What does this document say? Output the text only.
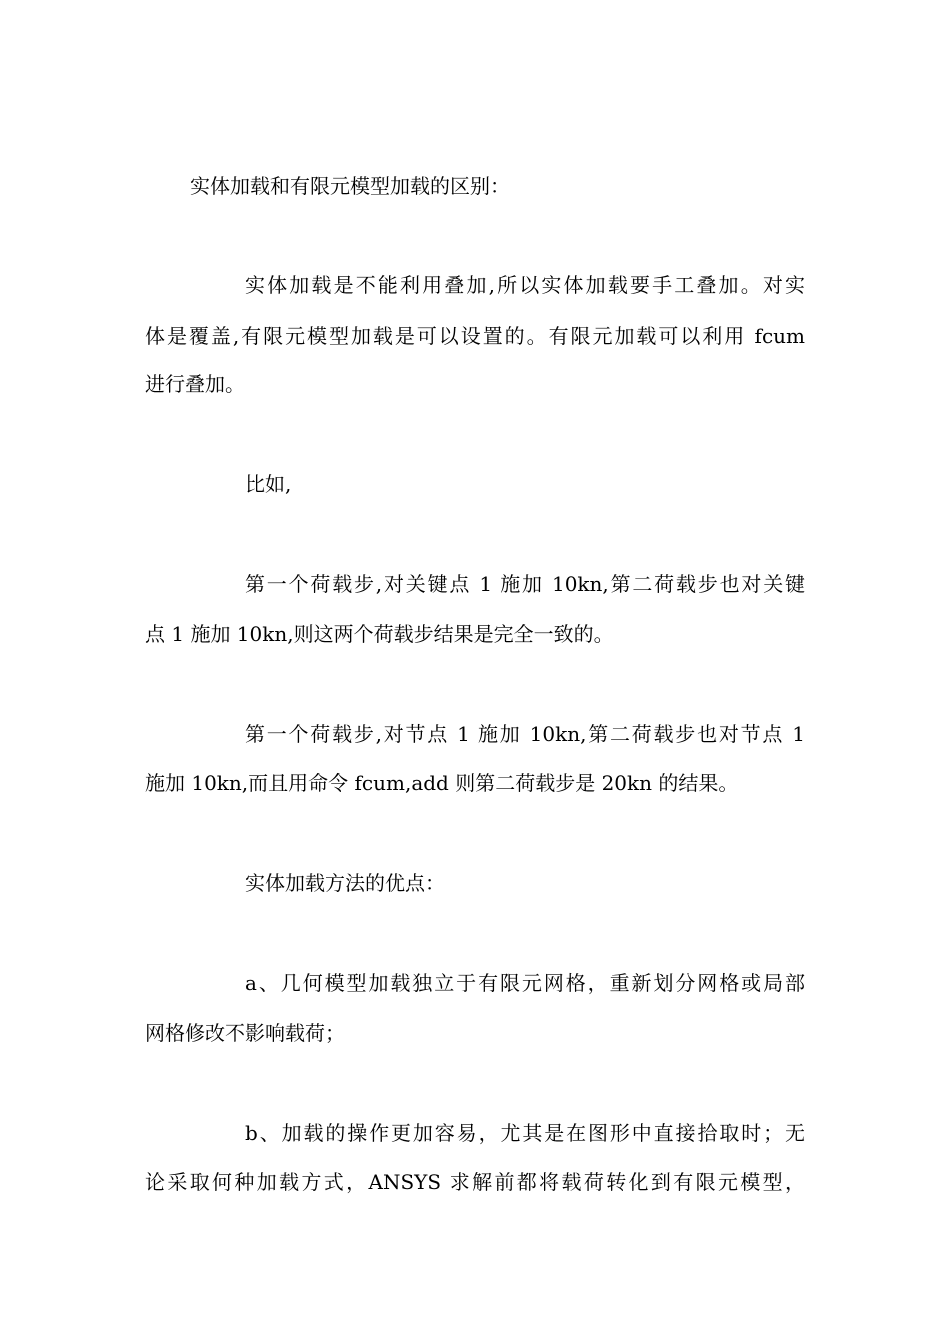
实体加载和有限元模型加载的区别：
实体加载是不能利用叠加,所以实体加载要手工叠加。对实
体是覆盖,有限元模型加载是可以设置的。有限元加载可以利用 fcum
进行叠加。
比如,
第一个荷载步,对关键点 1 施加 10kn,第二荷载步也对关键
点 1 施加 10kn,则这两个荷载步结果是完全一致的。
第一个荷载步,对节点 1 施加 10kn,第二荷载步也对节点 1
施加 10kn,而且用命令 fcum,add 则第二荷载步是 20kn 的结果。
实体加载方法的优点：
a、几何模型加载独立于有限元网格，重新划分网格或局部
网格修改不影响载荷；
b、加载的操作更加容易，尤其是在图形中直接拾取时；无
论采取何种加载方式，ANSYS 求解前都将载荷转化到有限元模型，
